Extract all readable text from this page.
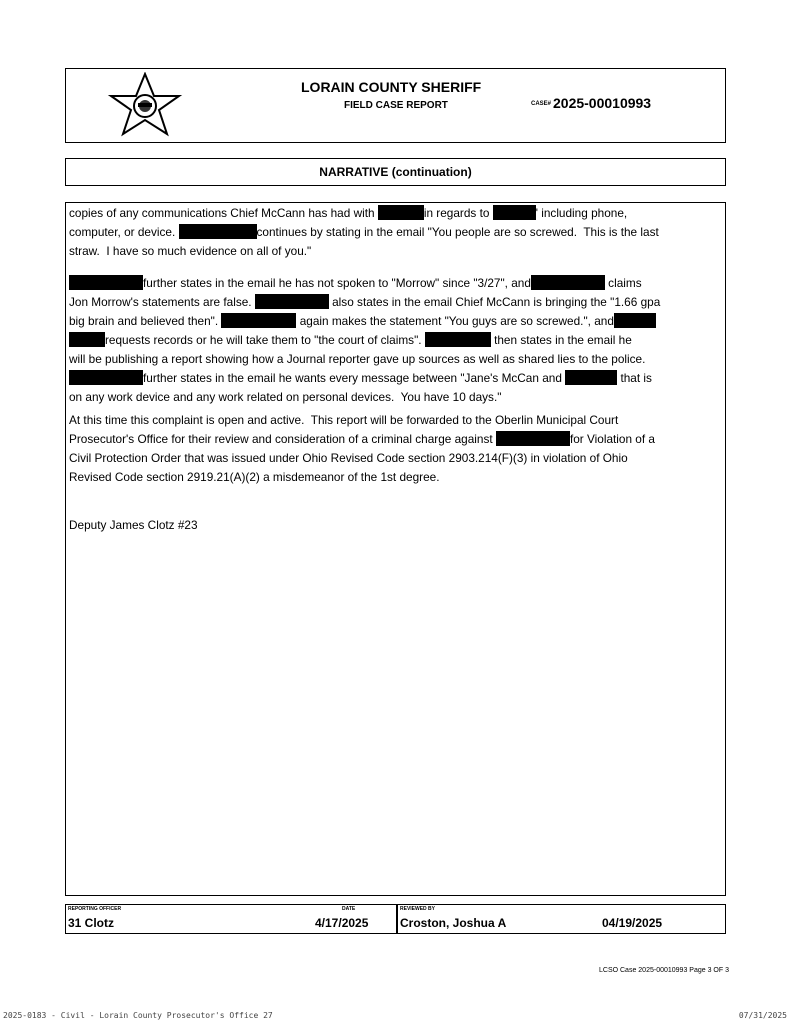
LORAIN COUNTY SHERIFF
FIELD CASE REPORT	CASE# 2025-00010993
NARRATIVE (continuation)

copies of any communications Chief McCann has had with	in regards to	' including phone,
computer, or device.	continues by stating in the email "You people are so screwed.  This is the last
straw.  I have so much evidence on all of you."

further states in the email he has not spoken to "Morrow" since "3/27", and	claims
Jon Morrow's statements are false.	also states in the email Chief McCann is bringing the "1.66 gpa
big brain and believed then".	again makes the statement "You guys are so screwed.", and
requests records or he will take them to "the court of claims".	then states in the email he
will be publishing a report showing how a Journal reporter gave up sources as well as shared lies to the police.
further states in the email he wants every message between "Jane's McCan and	that is
on any work device and any work related on personal devices.  You have 10 days."

At this time this complaint is open and active.  This report will be forwarded to the Oberlin Municipal Court
Prosecutor's Office for their review and consideration of a criminal charge against	for Violation of a
Civil Protection Order that was issued under Ohio Revised Code section 2903.214(F)(3) in violation of Ohio
Revised Code section 2919.21(A)(2) a misdemeanor of the 1st degree.

Deputy James Clotz #23

REPORTING OFFICER
31 Clotz
DATE
4/17/2025
REVIEWED BY
Croston, Joshua A	04/19/2025
LCSO Case 2025-00010993 Page 3 OF 3
2025-0183 - Civil - Lorain County Prosecutor's Office 27	07/31/2025
